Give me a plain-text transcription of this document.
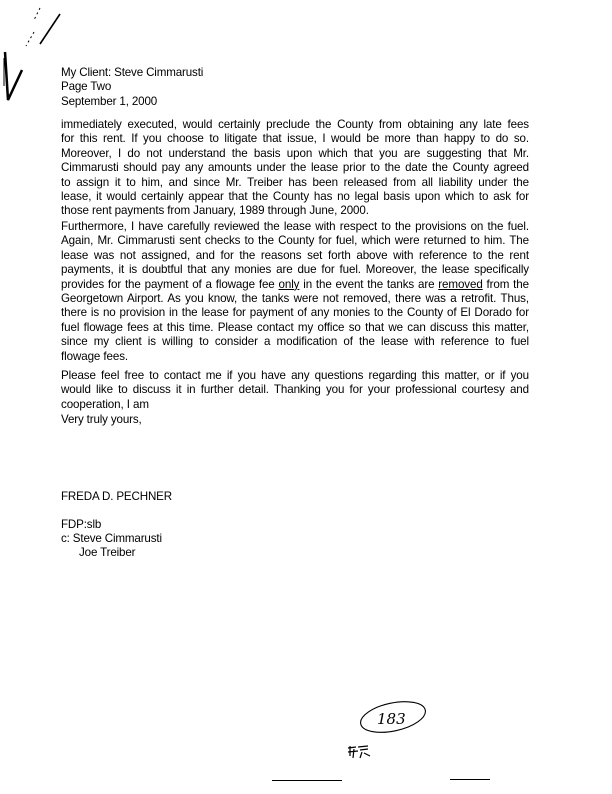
My Client: Steve Cimmarusti
Page Two
September 1, 2000
immediately executed, would certainly preclude the County from obtaining any late fees
for this rent. If you choose to litigate that issue, I would be more than happy to do so.
Moreover, I do not understand the basis upon which that you are suggesting that Mr.
Cimmarusti should pay any amounts under the lease prior to the date the County agreed
to assign it to him, and since Mr. Treiber has been released from all liability under the
lease, it would certainly appear that the County has no legal basis upon which to ask for
those rent payments from January, 1989 through June, 2000.
Furthermore, I have carefully reviewed the lease with respect to the provisions on the fuel.
Again, Mr. Cimmarusti sent checks to the County for fuel, which were returned to him. The
lease was not assigned, and for the reasons set forth above with reference to the rent
payments, it is doubtful that any monies are due for fuel. Moreover, the lease specifically
provides for the payment of a flowage fee only in the event the tanks are removed from the
Georgetown Airport. As you know, the tanks were not removed, there was a retrofit. Thus,
there is no provision in the lease for payment of any monies to the County of El Dorado for
fuel flowage fees at this time. Please contact my office so that we can discuss this matter,
since my client is willing to consider a modification of the lease with reference to fuel
flowage fees.
Please feel free to contact me if you have any questions regarding this matter, or if you
would like to discuss it in further detail. Thanking you for your professional courtesy and
cooperation, I am
Very truly yours,
FREDA D. PECHNER
FDP:slb
c: Steve Cimmarusti
Joe Treiber
183
